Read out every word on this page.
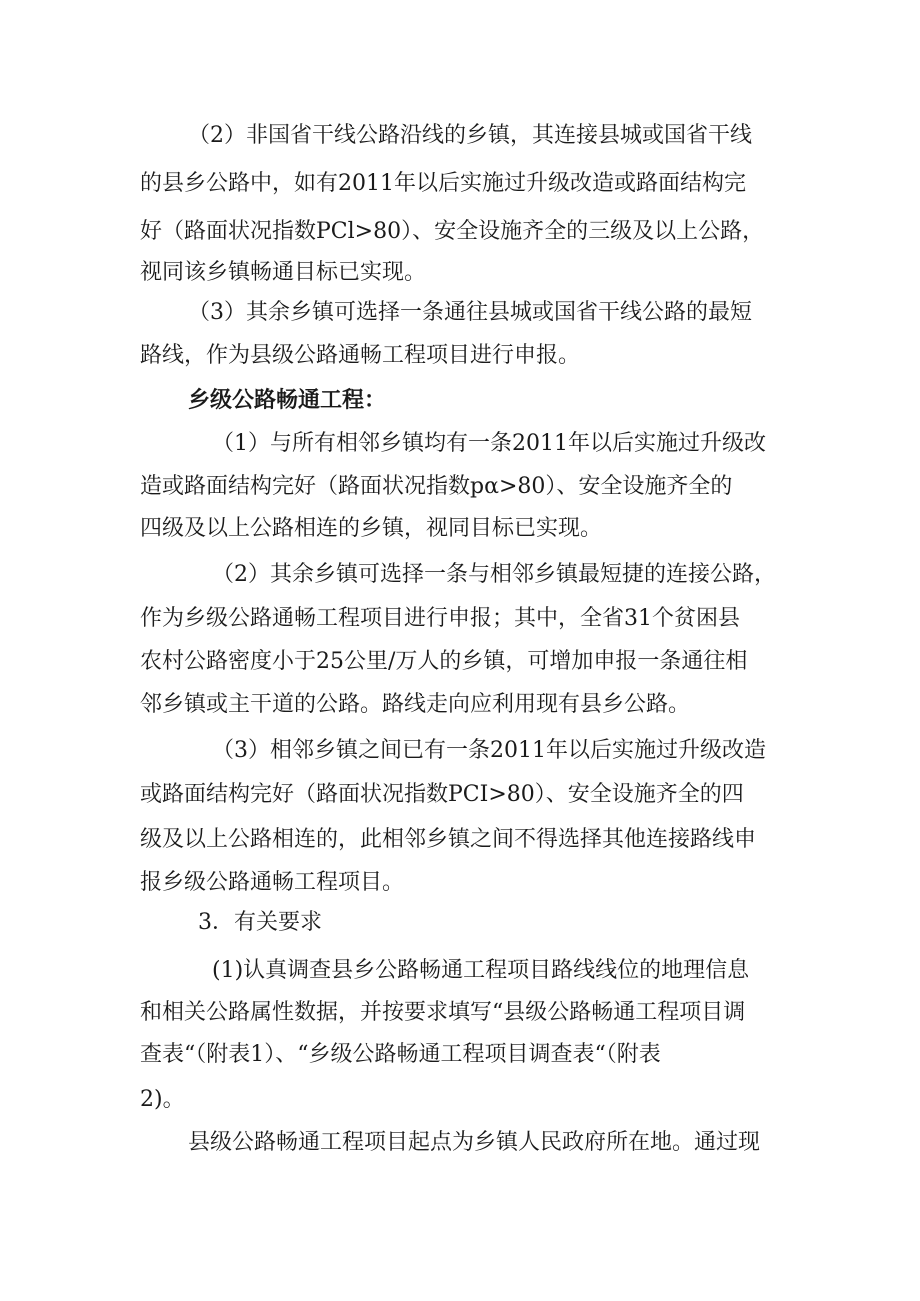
（2）非国省干线公路沿线的乡镇，其连接县城或国省干线
的县乡公路中，如有2011年以后实施过升级改造或路面结构完
好（路面状况指数PCl>80）、安全设施齐全的三级及以上公路，
视同该乡镇畅通目标已实现。
（3）其余乡镇可选择一条通往县城或国省干线公路的最短
路线，作为县级公路通畅工程项目进行申报。
乡级公路畅通工程：
（1）与所有相邻乡镇均有一条2011年以后实施过升级改
造或路面结构完好（路面状况指数pα>80）、安全设施齐全的
四级及以上公路相连的乡镇，视同目标已实现。
（2）其余乡镇可选择一条与相邻乡镇最短捷的连接公路，
作为乡级公路通畅工程项目进行申报；其中，全省31个贫困县
农村公路密度小于25公里/万人的乡镇，可增加申报一条通往相
邻乡镇或主干道的公路。路线走向应利用现有县乡公路。
（3）相邻乡镇之间已有一条2011年以后实施过升级改造
或路面结构完好（路面状况指数PCI>80）、安全设施齐全的四
级及以上公路相连的，此相邻乡镇之间不得选择其他连接路线申
报乡级公路通畅工程项目。
3．有关要求
(1)认真调查县乡公路畅通工程项目路线线位的地理信息
和相关公路属性数据，并按要求填写“县级公路畅通工程项目调
查表“（附表1）、“乡级公路畅通工程项目调查表“（附表
2)。
县级公路畅通工程项目起点为乡镇人民政府所在地。通过现
